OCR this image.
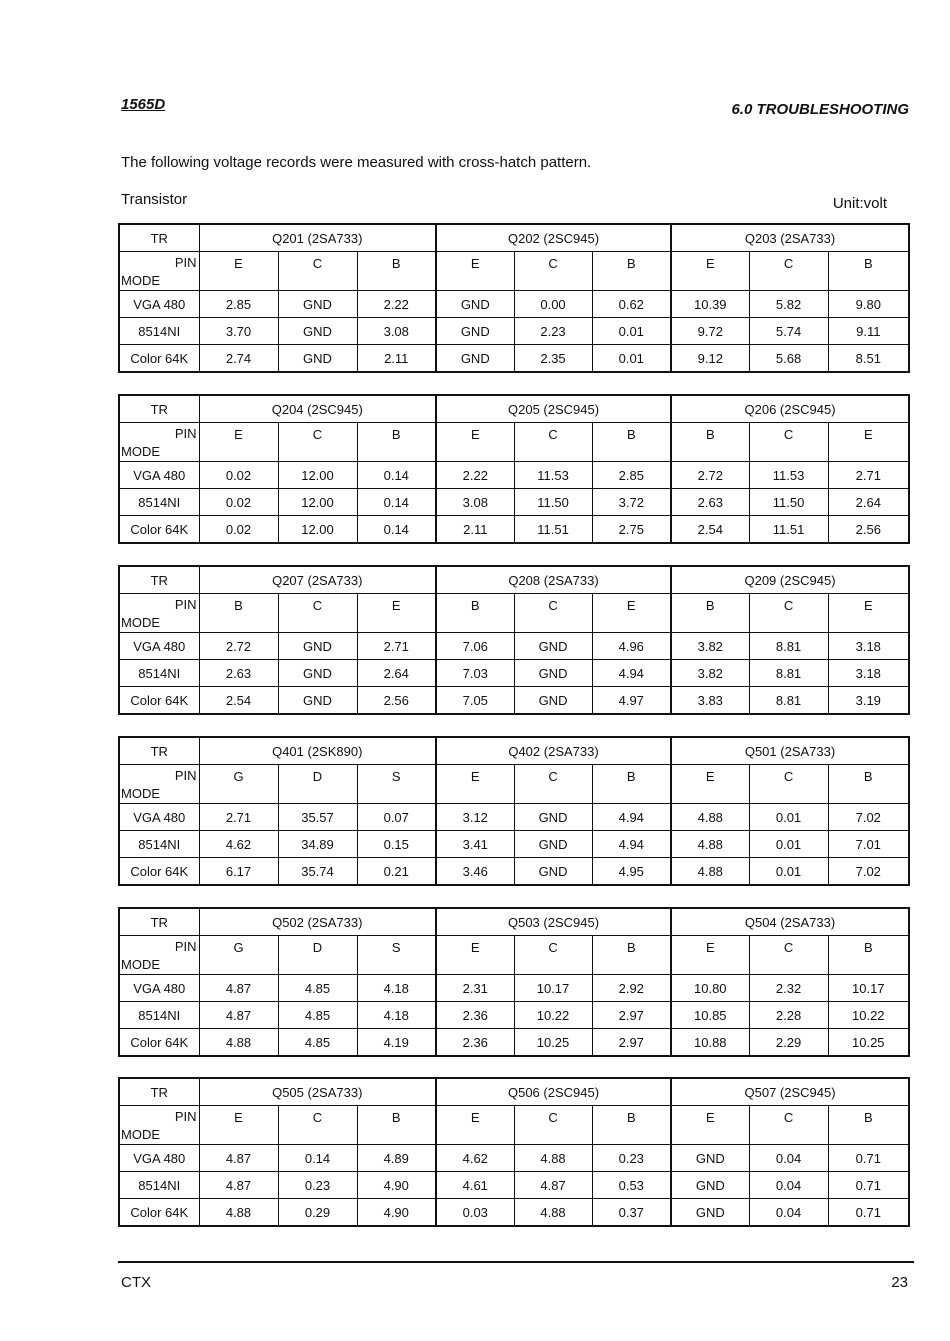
1565D	6.0 TROUBLESHOOTING
The following voltage records were measured with cross-hatch pattern.
Transistor	Unit:volt
TR	Q201 (2SA733)			Q202 (2SC945)			Q203 (2SA733)		

PIN
MODE	E	C	B	E	C	B	E	C	B
VGA 480	2.85	GND	2.22	GND	0.00	0.62	10.39	5.82	9.80
8514NI	3.70	GND	3.08	GND	2.23	0.01	9.72	5.74	9.11
Color 64K	2.74	GND	2.11	GND	2.35	0.01	9.12	5.68	8.51
TR	Q204 (2SC945)			Q205 (2SC945)			Q206 (2SC945)		

PIN
MODE	E	C	B	E	C	B	B	C	E
VGA 480	0.02	12.00	0.14	2.22	11.53	2.85	2.72	11.53	2.71
8514NI	0.02	12.00	0.14	3.08	11.50	3.72	2.63	11.50	2.64
Color 64K	0.02	12.00	0.14	2.11	11.51	2.75	2.54	11.51	2.56
TR	Q207 (2SA733)			Q208 (2SA733)			Q209 (2SC945)		

PIN
MODE	B	C	E	B	C	E	B	C	E
VGA 480	2.72	GND	2.71	7.06	GND	4.96	3.82	8.81	3.18
8514NI	2.63	GND	2.64	7.03	GND	4.94	3.82	8.81	3.18
Color 64K	2.54	GND	2.56	7.05	GND	4.97	3.83	8.81	3.19
TR	Q401 (2SK890)			Q402 (2SA733)			Q501 (2SA733)		

PIN
MODE	G	D	S	E	C	B	E	C	B
VGA 480	2.71	35.57	0.07	3.12	GND	4.94	4.88	0.01	7.02
8514NI	4.62	34.89	0.15	3.41	GND	4.94	4.88	0.01	7.01
Color 64K	6.17	35.74	0.21	3.46	GND	4.95	4.88	0.01	7.02
TR	Q502 (2SA733)			Q503 (2SC945)			Q504 (2SA733)		

PIN
MODE	G	D	S	E	C	B	E	C	B
VGA 480	4.87	4.85	4.18	2.31	10.17	2.92	10.80	2.32	10.17
8514NI	4.87	4.85	4.18	2.36	10.22	2.97	10.85	2.28	10.22
Color 64K	4.88	4.85	4.19	2.36	10.25	2.97	10.88	2.29	10.25
TR	Q505 (2SA733)			Q506 (2SC945)			Q507 (2SC945)		

PIN
MODE	E	C	B	E	C	B	E	C	B
VGA 480	4.87	0.14	4.89	4.62	4.88	0.23	GND	0.04	0.71
8514NI	4.87	0.23	4.90	4.61	4.87	0.53	GND	0.04	0.71
Color 64K	4.88	0.29	4.90	0.03	4.88	0.37	GND	0.04	0.71
CTX	23
